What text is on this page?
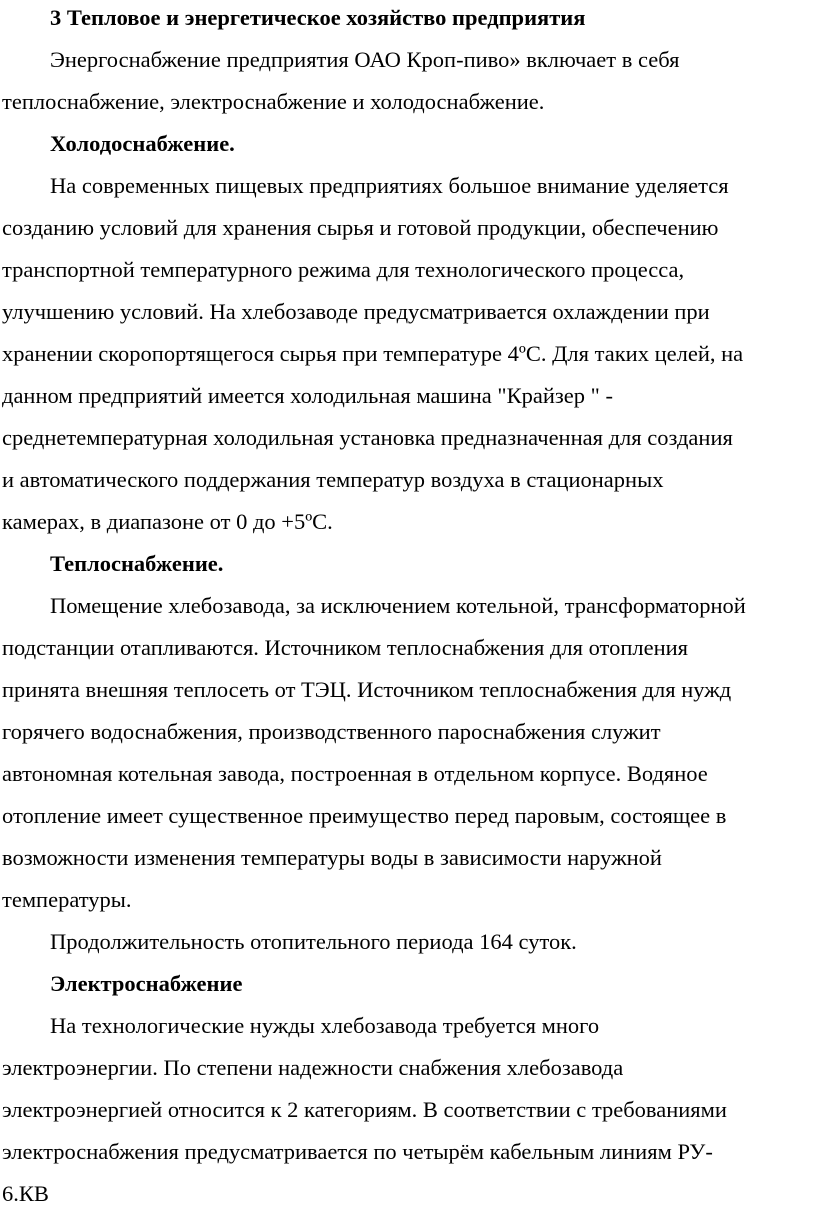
3 Тепловое и энергетическое хозяйство предприятия
Энергоснабжение предприятия ОАО Кроп-пиво» включает в себя
теплоснабжение, электроснабжение и холодоснабжение.
Холодоснабжение.
На современных пищевых предприятиях большое внимание уделяется
созданию условий для хранения сырья и готовой продукции, обеспечению
транспортной температурного режима для технологического процесса,
улучшению условий. На хлебозаводе предусматривается охлаждении при
хранении скоропортящегося сырья при температуре 4ºС. Для таких целей, на
данном предприятий имеется холодильная машина "Крайзер " -
среднетемпературная холодильная установка предназначенная для создания
и автоматического поддержания температур воздуха в стационарных
камерах, в диапазоне от 0 до +5ºС.
Теплоснабжение.
Помещение хлебозавода, за исключением котельной, трансформаторной
подстанции отапливаются. Источником теплоснабжения для отопления
принята внешняя теплосеть от ТЭЦ. Источником теплоснабжения для нужд
горячего водоснабжения, производственного пароснабжения служит
автономная котельная завода, построенная в отдельном корпусе. Водяное
отопление имеет существенное преимущество перед паровым, состоящее в
возможности изменения температуры воды в зависимости наружной
температуры.
Продолжительность отопительного периода 164 суток.
Электроснабжение
На технологические нужды хлебозавода требуется много
электроэнергии. По степени надежности снабжения хлебозавода
электроэнергией относится к 2 категориям. В соответствии с требованиями
электроснабжения предусматривается по четырём кабельным линиям РУ-
6.КВ
